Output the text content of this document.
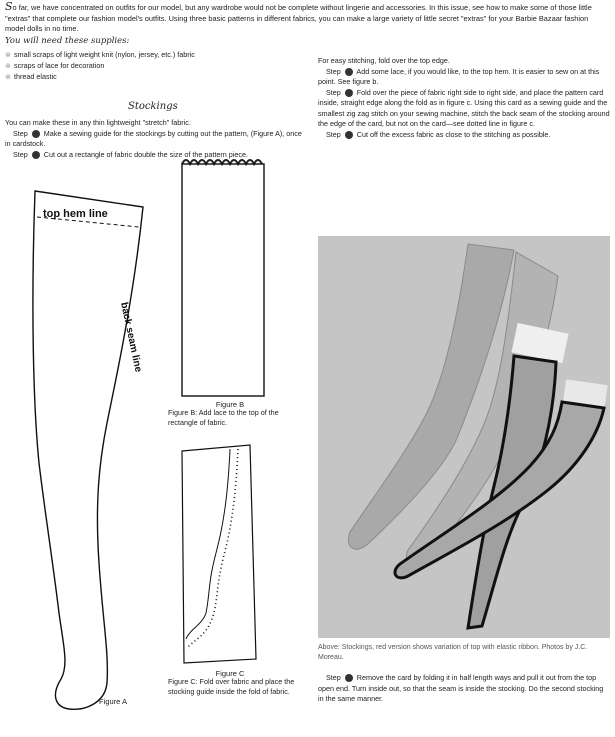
So far, we have concentrated on outfits for our model, but any wardrobe would not be complete without lingerie and accessories. In this issue, see how to make some of those little "extras" that complete our fashion model's outfits. Using three basic patterns in different fabrics, you can make a large variety of little secret "extras" for your Barbie Bazaar fashion model dolls in no time.
You will need these supplies:
⊗ small scraps of light weight knit (nylon, jersey, etc.) fabric
⊗ scraps of lace for decoration
⊗ thread elastic
Stockings
You can make these in any thin lightweight "stretch" fabric.
Step 1 Make a sewing guide for the stockings by cutting out the pattern, (Figure A), once in cardstock.
Step 2 Cut out a rectangle of fabric double the size of the pattern piece.
For easy stitching, fold over the top edge.
Step 3 Add some lace, if you would like, to the top hem. It is easier to sew on at this point. See figure b.
Step 4 Fold over the piece of fabric right side to right side, and place the pattern card inside, straight edge along the fold as in figure c. Using this card as a sewing guide and the smallest zig zag stitch on your sewing machine, stitch the back seam of the stocking around the edge of the card, but not on the card—see dotted line in figure c.
Step 5 Cut off the excess fabric as close to the stitching as possible.
top hem line
back seam line
Figure A
Figure B
Figure B: Add lace to the top of the rectangle of fabric.
Figure C
Figure C: Fold over fabric and place the stocking guide inside the fold of fabric.
Above: Stockings, red version shows variation of top with elastic ribbon. Photos by J.C. Moreau.
Step 6 Remove the card by folding it in half length ways and pull it out from the top open end. Turn inside out, so that the seam is inside the stocking. Do the second stocking in the same manner.
